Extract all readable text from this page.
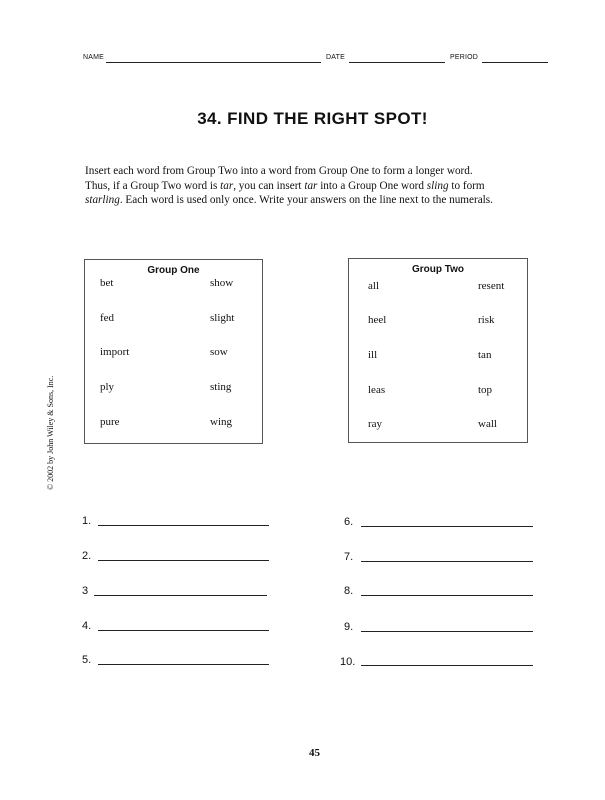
NAME	DATE	PERIOD
34. FIND THE RIGHT SPOT!
Insert each word from Group Two into a word from Group One to form a longer word.
Thus, if a Group Two word is tar, you can insert tar into a Group One word sling to form
starling. Each word is used only once. Write your answers on the line next to the numerals.
Group One
bet
fed
import
ply
pure
show
slight
sow
sting
wing
Group Two
all
heel
ill
leas
ray
resent
risk
tan
top
wall
© 2002 by John Wiley & Sons, Inc.
1.
2.
3
4.
5.
6.
7.
8.
9.
10.
45
